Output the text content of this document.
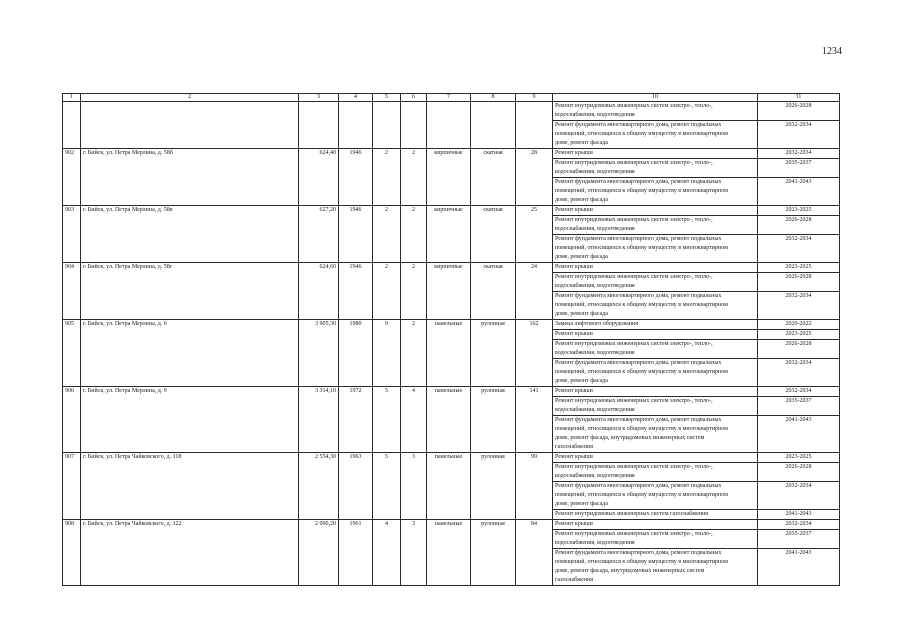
1234
1	2	3	4	5	6	7	8	9	10	11
									Ремонт внутридомовых инженерных систем электро-, тепло-,
водоснабжения, водоотведения	2026-2028
									Ремонт фундамента многоквартирного дома, ремонт подвальных
помещений, относящихся к общему имуществу в многоквартирном
доме, ремонт фасада	2032-2034
902	г. Бийск, ул. Петра Мерлина, д. 58б	624,40	1946	2	2	кирпичные	скатная	28	Ремонт крыши	2032-2034
									Ремонт внутридомовых инженерных систем электро-, тепло-,
водоснабжения, водоотведения	2035-2037
									Ремонт фундамента многоквартирного дома, ремонт подвальных
помещений, относящихся к общему имуществу в многоквартирном
доме, ремонт фасада	2041-2043
903	г. Бийск, ул. Петра Мерлина, д. 58в	627,20	1946	2	2	кирпичные	скатная	25	Ремонт крыши	2023-2025
									Ремонт внутридомовых инженерных систем электро-, тепло-,
водоснабжения, водоотведения	2026-2028
									Ремонт фундамента многоквартирного дома, ремонт подвальных
помещений, относящихся к общему имуществу в многоквартирном
доме, ремонт фасада	2032-2034
904	г. Бийск, ул. Петра Мерлина, д. 58г	624,60	1946	2	2	кирпичные	скатная	24	Ремонт крыши	2023-2025
									Ремонт внутридомовых инженерных систем электро-, тепло-,
водоснабжения, водоотведения	2026-2028
									Ремонт фундамента многоквартирного дома, ремонт подвальных
помещений, относящихся к общему имуществу в многоквартирном
доме, ремонт фасада	2032-2034
905	г. Бийск, ул. Петра Мерлина, д. 6	3 905,30	1980	9	2	панельные	рулонная	162	Замена лифтового оборудования	2020-2022
									Ремонт крыши	2023-2025
									Ремонт внутридомовых инженерных систем электро-, тепло-,
водоснабжения, водоотведения	2026-2028
									Ремонт фундамента многоквартирного дома, ремонт подвальных
помещений, относящихся к общему имуществу в многоквартирном
доме, ремонт фасада	2032-2034
906	г. Бийск, ул. Петра Мерлина, д. 9	3 314,10	1972	5	4	панельные	рулонная	141	Ремонт крыши	2032-2034
									Ремонт внутридомовых инженерных систем электро-, тепло-,
водоснабжения, водоотведения	2035-2037
									Ремонт фундамента многоквартирного дома, ремонт подвальных
помещений, относящихся к общему имуществу в многоквартирном
доме, ремонт фасада, внутридомовых инженерных систем
газоснабжения	2041-2043
907	г. Бийск, ул. Петра Чайковского, д. 118	2 554,30	1963	5	3	панельные	рулонная	99	Ремонт крыши	2023-2025
									Ремонт внутридомовых инженерных систем электро-, тепло-,
водоснабжения, водоотведения	2026-2028
									Ремонт фундамента многоквартирного дома, ремонт подвальных
помещений, относящихся к общему имуществу в многоквартирном
доме, ремонт фасада	2032-2034
									Ремонт внутридомовых инженерных систем газоснабжения	2041-2043
908	г. Бийск, ул. Петра Чайковского, д. 122	2 090,20	1961	4	3	панельные	рулонная	84	Ремонт крыши	2032-2034
									Ремонт внутридомовых инженерных систем электро-, тепло-,
водоснабжения, водоотведения	2035-2037
									Ремонт фундамента многоквартирного дома, ремонт подвальных
помещений, относящихся к общему имуществу в многоквартирном
доме, ремонт фасада, внутридомовых инженерных систем
газоснабжения	2041-2043
